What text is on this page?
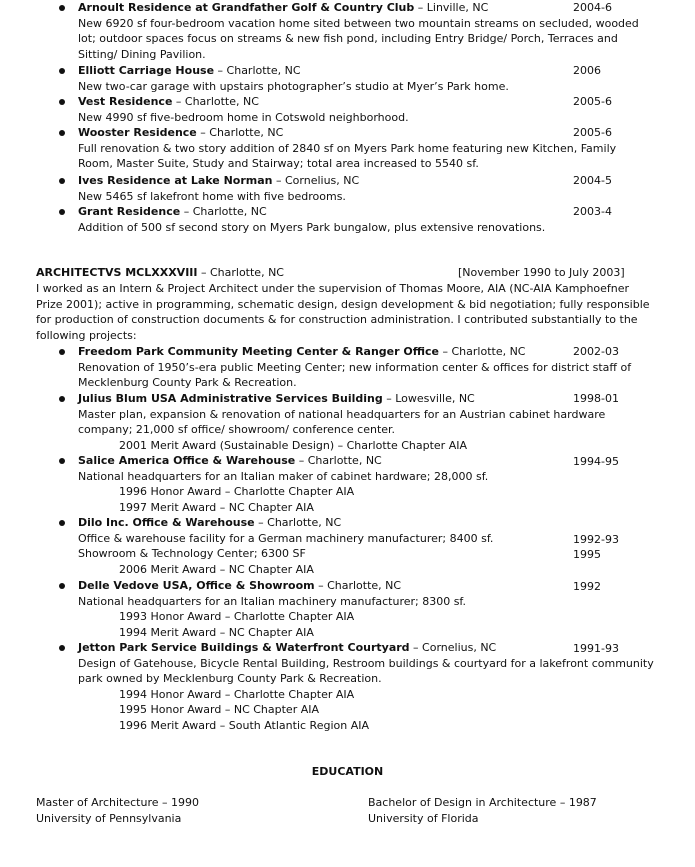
Arnoult Residence at Grandfather Golf & Country Club – Linville, NC	2004-6
New 6920 sf four-bedroom vacation home sited between two mountain streams on secluded, wooded
lot; outdoor spaces focus on streams & new fish pond, including Entry Bridge/ Porch, Terraces and
Sitting/ Dining Pavilion.
Elliott Carriage House – Charlotte, NC	2006
New two-car garage with upstairs photographer’s studio at Myer’s Park home.
Vest Residence – Charlotte, NC	2005-6
New 4990 sf five-bedroom home in Cotswold neighborhood.
Wooster Residence – Charlotte, NC	2005-6
Full renovation & two story addition of 2840 sf on Myers Park home featuring new Kitchen, Family
Room, Master Suite, Study and Stairway; total area increased to 5540 sf.
Ives Residence at Lake Norman – Cornelius, NC	2004-5
New 5465 sf lakefront home with five bedrooms.
Grant Residence – Charlotte, NC	2003-4
Addition of 500 sf second story on Myers Park bungalow, plus extensive renovations.
ARCHITECTVS MCLXXXVIII – Charlotte, NC	[November 1990 to July 2003]
I worked as an Intern & Project Architect under the supervision of Thomas Moore, AIA (NC-AIA Kamphoefner
Prize 2001); active in programming, schematic design, design development & bid negotiation; fully responsible
for production of construction documents & for construction administration. I contributed substantially to the
following projects:
Freedom Park Community Meeting Center & Ranger Office – Charlotte, NC	2002-03
Renovation of 1950’s-era public Meeting Center; new information center & offices for district staff of
Mecklenburg County Park & Recreation.
Julius Blum USA Administrative Services Building – Lowesville, NC	1998-01
Master plan, expansion & renovation of national headquarters for an Austrian cabinet hardware
company; 21,000 sf office/ showroom/ conference center.
2001 Merit Award (Sustainable Design) – Charlotte Chapter AIA
Salice America Office & Warehouse – Charlotte, NC	1994-95
National headquarters for an Italian maker of cabinet hardware; 28,000 sf.
1996 Honor Award – Charlotte Chapter AIA
1997 Merit Award – NC Chapter AIA
Dilo Inc. Office & Warehouse – Charlotte, NC
Office & warehouse facility for a German machinery manufacturer; 8400 sf.	1992-93
Showroom & Technology Center; 6300 SF	1995
2006 Merit Award – NC Chapter AIA
Delle Vedove USA, Office & Showroom – Charlotte, NC	1992
National headquarters for an Italian machinery manufacturer; 8300 sf.
1993 Honor Award – Charlotte Chapter AIA
1994 Merit Award – NC Chapter AIA
Jetton Park Service Buildings & Waterfront Courtyard – Cornelius, NC	1991-93
Design of Gatehouse, Bicycle Rental Building, Restroom buildings & courtyard for a lakefront community
park owned by Mecklenburg County Park & Recreation.
1994 Honor Award – Charlotte Chapter AIA
1995 Honor Award – NC Chapter AIA
1996 Merit Award – South Atlantic Region AIA
EDUCATION
Master of Architecture – 1990
University of Pennsylvania
Bachelor of Design in Architecture – 1987
University of Florida
